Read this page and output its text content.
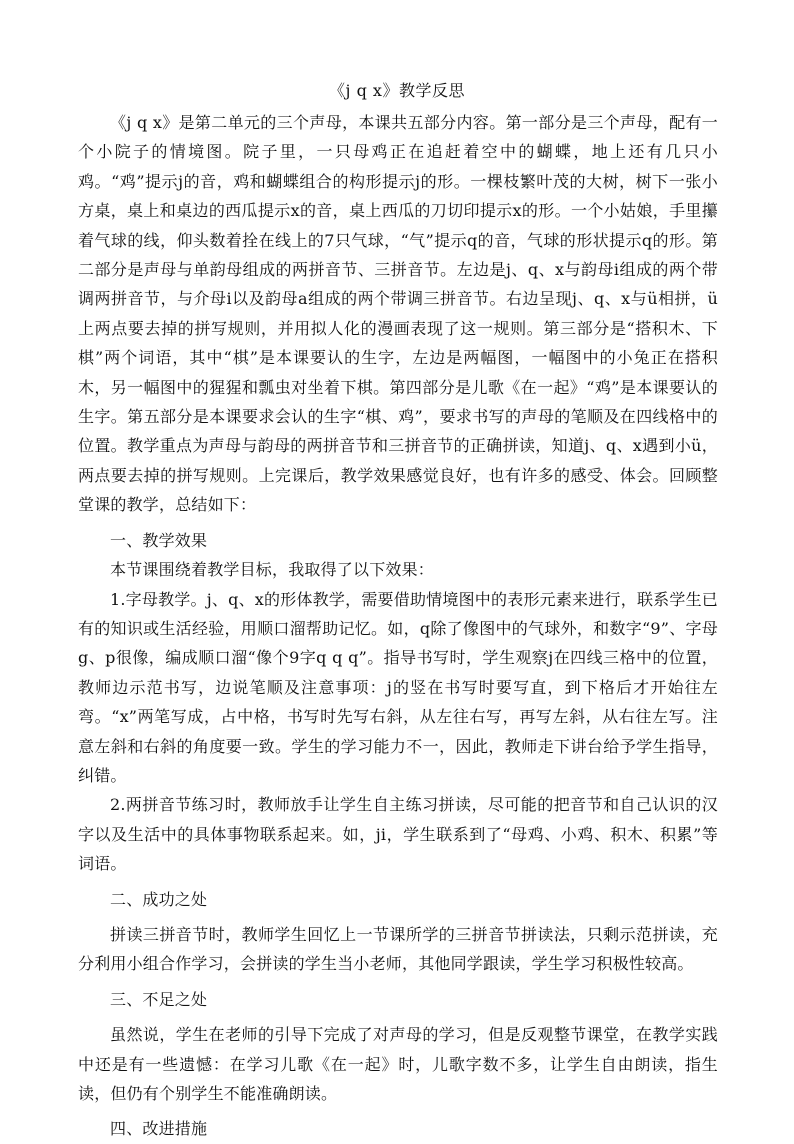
《j q x》教学反思

《j q x》是第二单元的三个声母，本课共五部分内容。第一部分是三个声母，配有一个小院子的情境图。院子里，一只母鸡正在追赶着空中的蝴蝶，地上还有几只小鸡。“鸡”提示j的音，鸡和蝴蝶组合的构形提示j的形。一棵枝繁叶茂的大树，树下一张小方桌，桌上和桌边的西瓜提示x的音，桌上西瓜的刀切印提示x的形。一个小姑娘，手里攥着气球的线，仰头数着拴在线上的7只气球，“气”提示q的音，气球的形状提示q的形。第二部分是声母与单韵母组成的两拼音节、三拼音节。左边是j、q、x与韵母i组成的两个带调两拼音节，与介母i以及韵母a组成的两个带调三拼音节。右边呈现j、q、x与ü相拼，ü上两点要去掉的拼写规则，并用拟人化的漫画表现了这一规则。第三部分是“搭积木、下棋”两个词语，其中“棋”是本课要认的生字，左边是两幅图，一幅图中的小兔正在搭积木，另一幅图中的猩猩和瓢虫对坐着下棋。第四部分是儿歌《在一起》“鸡”是本课要认的生字。第五部分是本课要求会认的生字“棋、鸡”，要求书写的声母的笔顺及在四线格中的位置。教学重点为声母与韵母的两拼音节和三拼音节的正确拼读，知道j、q、x遇到小ü，两点要去掉的拼写规则。上完课后，教学效果感觉良好，也有许多的感受、体会。回顾整堂课的教学，总结如下：

一、教学效果

本节课围绕着教学目标，我取得了以下效果：

1.字母教学。j、q、x的形体教学，需要借助情境图中的表形元素来进行，联系学生已有的知识或生活经验，用顺口溜帮助记忆。如，q除了像图中的气球外，和数字“9”、字母g、p很像，编成顺口溜“像个9字q q q”。指导书写时，学生观察j在四线三格中的位置，教师边示范书写，边说笔顺及注意事项：j的竖在书写时要写直，到下格后才开始往左弯。“x”两笔写成，占中格，书写时先写右斜，从左往右写，再写左斜，从右往左写。注意左斜和右斜的角度要一致。学生的学习能力不一，因此，教师走下讲台给予学生指导，纠错。

2.两拼音节练习时，教师放手让学生自主练习拼读，尽可能的把音节和自己认识的汉字以及生活中的具体事物联系起来。如，ji，学生联系到了“母鸡、小鸡、积木、积累”等词语。

二、成功之处

拼读三拼音节时，教师学生回忆上一节课所学的三拼音节拼读法，只剩示范拼读，充分利用小组合作学习，会拼读的学生当小老师，其他同学跟读，学生学习积极性较高。

三、不足之处

虽然说，学生在老师的引导下完成了对声母的学习，但是反观整节课堂，在教学实践中还是有一些遗憾：在学习儿歌《在一起》时，儿歌字数不多，让学生自由朗读，指生读，但仍有个别学生不能准确朗读。

四、改进措施
